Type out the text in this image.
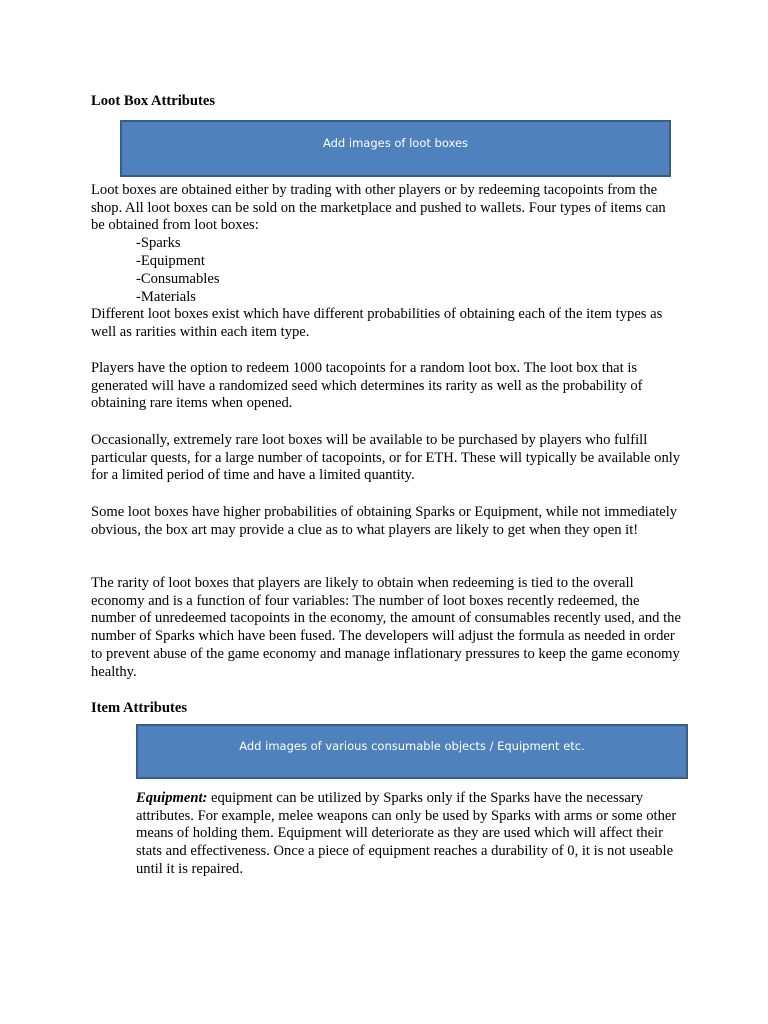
Loot Box Attributes
Add images of loot boxes

Loot boxes are obtained either by trading with other players or by redeeming tacopoints from the shop. All loot boxes can be sold on the marketplace and pushed to wallets. Four types of items can be obtained from loot boxes:

-Sparks
-Equipment
-Consumables
-Materials

Different loot boxes exist which have different probabilities of obtaining each of the item types as well as rarities within each item type.

Players have the option to redeem 1000 tacopoints for a random loot box. The loot box that is generated will have a randomized seed which determines its rarity as well as the probability of obtaining rare items when opened.

Occasionally, extremely rare loot boxes will be available to be purchased by players who fulfill particular quests, for a large number of tacopoints, or for ETH. These will typically be available only for a limited period of time and have a limited quantity.

Some loot boxes have higher probabilities of obtaining Sparks or Equipment, while not immediately obvious, the box art may provide a clue as to what players are likely to get when they open it!

The rarity of loot boxes that players are likely to obtain when redeeming is tied to the overall economy and is a function of four variables: The number of loot boxes recently redeemed, the number of unredeemed tacopoints in the economy, the amount of consumables recently used, and the number of Sparks which have been fused. The developers will adjust the formula as needed in order to prevent abuse of the game economy and manage inflationary pressures to keep the game economy healthy.

Item Attributes
Add images of various consumable objects / Equipment etc.

Equipment: equipment can be utilized by Sparks only if the Sparks have the necessary attributes. For example, melee weapons can only be used by Sparks with arms or some other means of holding them. Equipment will deteriorate as they are used which will affect their stats and effectiveness. Once a piece of equipment reaches a durability of 0, it is not useable until it is repaired.
